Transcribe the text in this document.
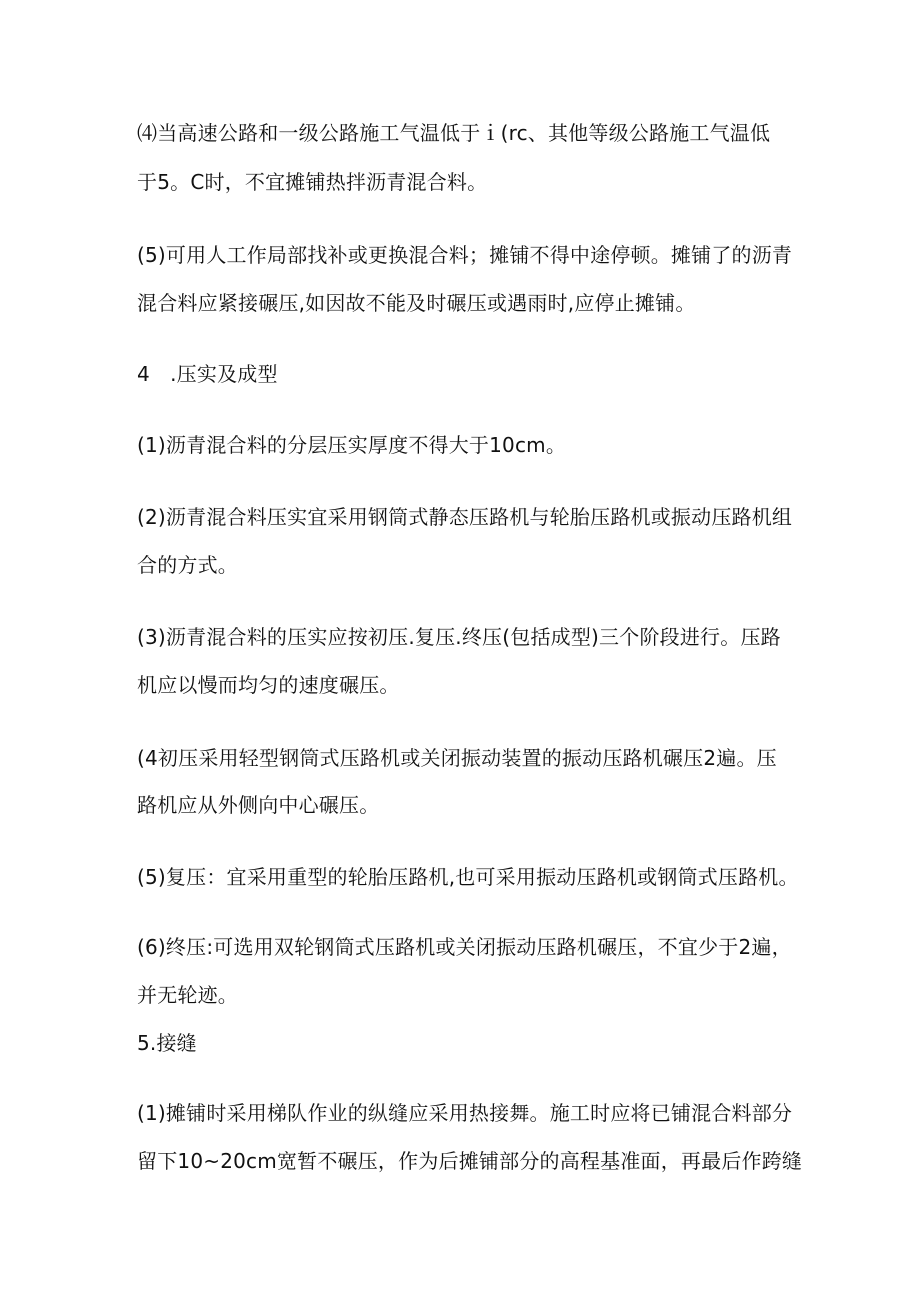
⑷当高速公路和一级公路施工气温低于ｉ(rc、其他等级公路施工气温低
于5。C时，不宜摊铺热拌沥青混合料。
(5)可用人工作局部找补或更换混合料；摊铺不得中途停顿。摊铺了的沥青
混合料应紧接碾压,如因故不能及时碾压或遇雨时,应停止摊铺。
4　.压实及成型
(1)沥青混合料的分层压实厚度不得大于10cm。
(2)沥青混合料压实宜采用钢筒式静态压路机与轮胎压路机或振动压路机组
合的方式。
(3)沥青混合料的压实应按初压.复压.终压(包括成型)三个阶段进行。压路
机应以慢而均匀的速度碾压。
(4初压采用轻型钢筒式压路机或关闭振动装置的振动压路机碾压2遍。压
路机应从外侧向中心碾压。
(5)复压：宜采用重型的轮胎压路机,也可采用振动压路机或钢筒式压路机。
(6)终压:可选用双轮钢筒式压路机或关闭振动压路机碾压，不宜少于2遍，
并无轮迹。
5.接缝
(1)摊铺时采用梯队作业的纵缝应采用热接舞。施工时应将已铺混合料部分
留下10~20cm宽暂不碾压，作为后摊铺部分的高程基准面，再最后作跨缝
